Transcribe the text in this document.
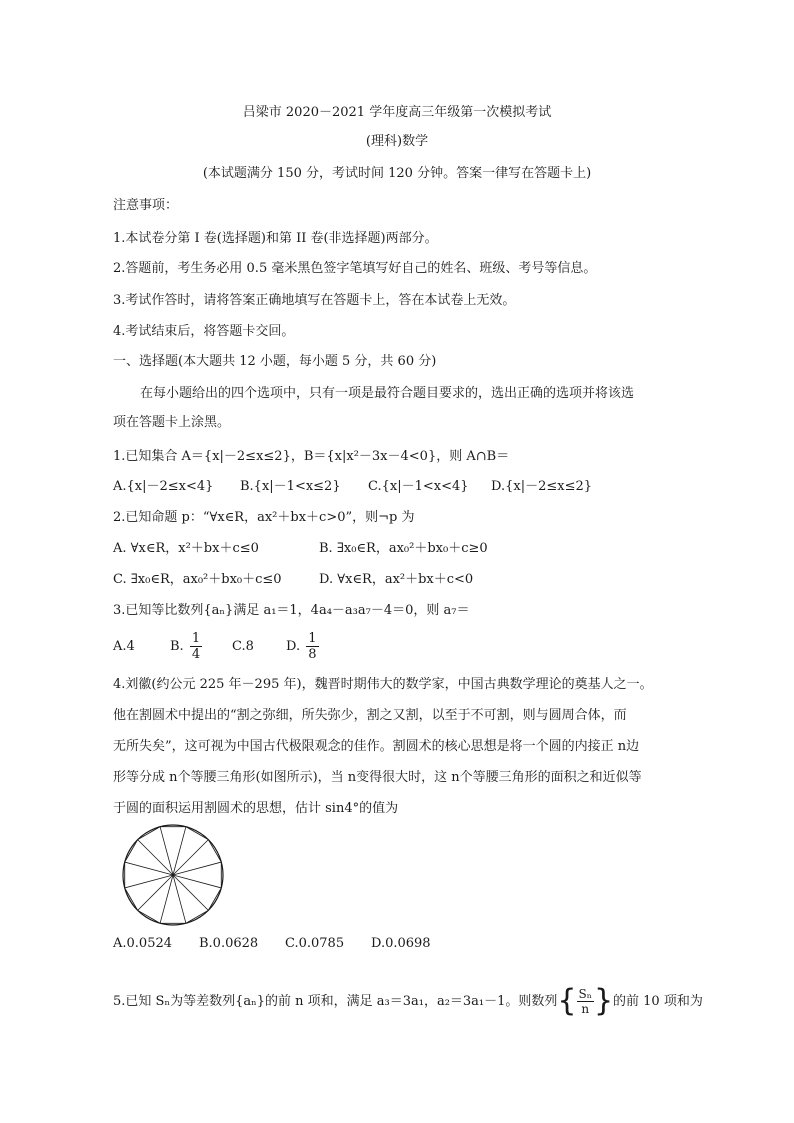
吕梁市 2020－2021 学年度高三年级第一次模拟考试
(理科)数学
(本试题满分 150 分，考试时间 120 分钟。答案一律写在答题卡上)
注意事项：
1.本试卷分第 I 卷(选择题)和第 II 卷(非选择题)两部分。
2.答题前，考生务必用 0.5 毫米黑色签字笔填写好自己的姓名、班级、考号等信息。
3.考试作答时，请将答案正确地填写在答题卡上，答在本试卷上无效。
4.考试结束后，将答题卡交回。
一、选择题(本大题共 12 小题，每小题 5 分，共 60 分)
在每小题给出的四个选项中，只有一项是最符合题目要求的，选出正确的选项并将该选
项在答题卡上涂黑。
1.已知集合 A＝{x|－2≤x≤2}，B＝{x|x²－3x－4<0}，则 A∩B＝
A.{x|－2≤x<4} B.{x|－1<x≤2} C.{x|－1<x<4} D.{x|－2≤x≤2}
2.已知命题 p：“∀x∈R，ax²＋bx＋c>0”，则¬p 为
A. ∀x∈R，x²＋bx＋c≤0	B. ∃x₀∈R，ax₀²＋bx₀＋c≥0
C. ∃x₀∈R，ax₀²＋bx₀＋c≤0	D. ∀x∈R，ax²＋bx＋c<0
3.已知等比数列{aₙ}满足 a₁＝1，4a₄－a₃a₇－4＝0，则 a₇＝
A.4	B. $\frac{1}{4} C.8$ D. $\frac{1}{8}$
4.刘徽(约公元 225 年－295 年)，魏晋时期伟大的数学家，中国古典数学理论的奠基人之一。
他在割圆术中提出的“割之弥细，所失弥少，割之又割，以至于不可割，则与圆周合体，而
无所失矣”，这可视为中国古代极限观念的佳作。割圆术的核心思想是将一个圆的内接正 n边
形等分成 n个等腰三角形(如图所示)，当 n变得很大时，这 n个等腰三角形的面积之和近似等
于圆的面积运用割圆术的思想，估计 sin4°的值为
A.0.0524 B.0.0628 C.0.0785 D.0.0698
5.已知 Sₙ为等差数列{aₙ}的前 n 项和，满足 a₃＝3a₁，a₂＝3a₁－1。则数列{ $\frac{\text{Sₙ}}{n}$ }的前 10 项和为
